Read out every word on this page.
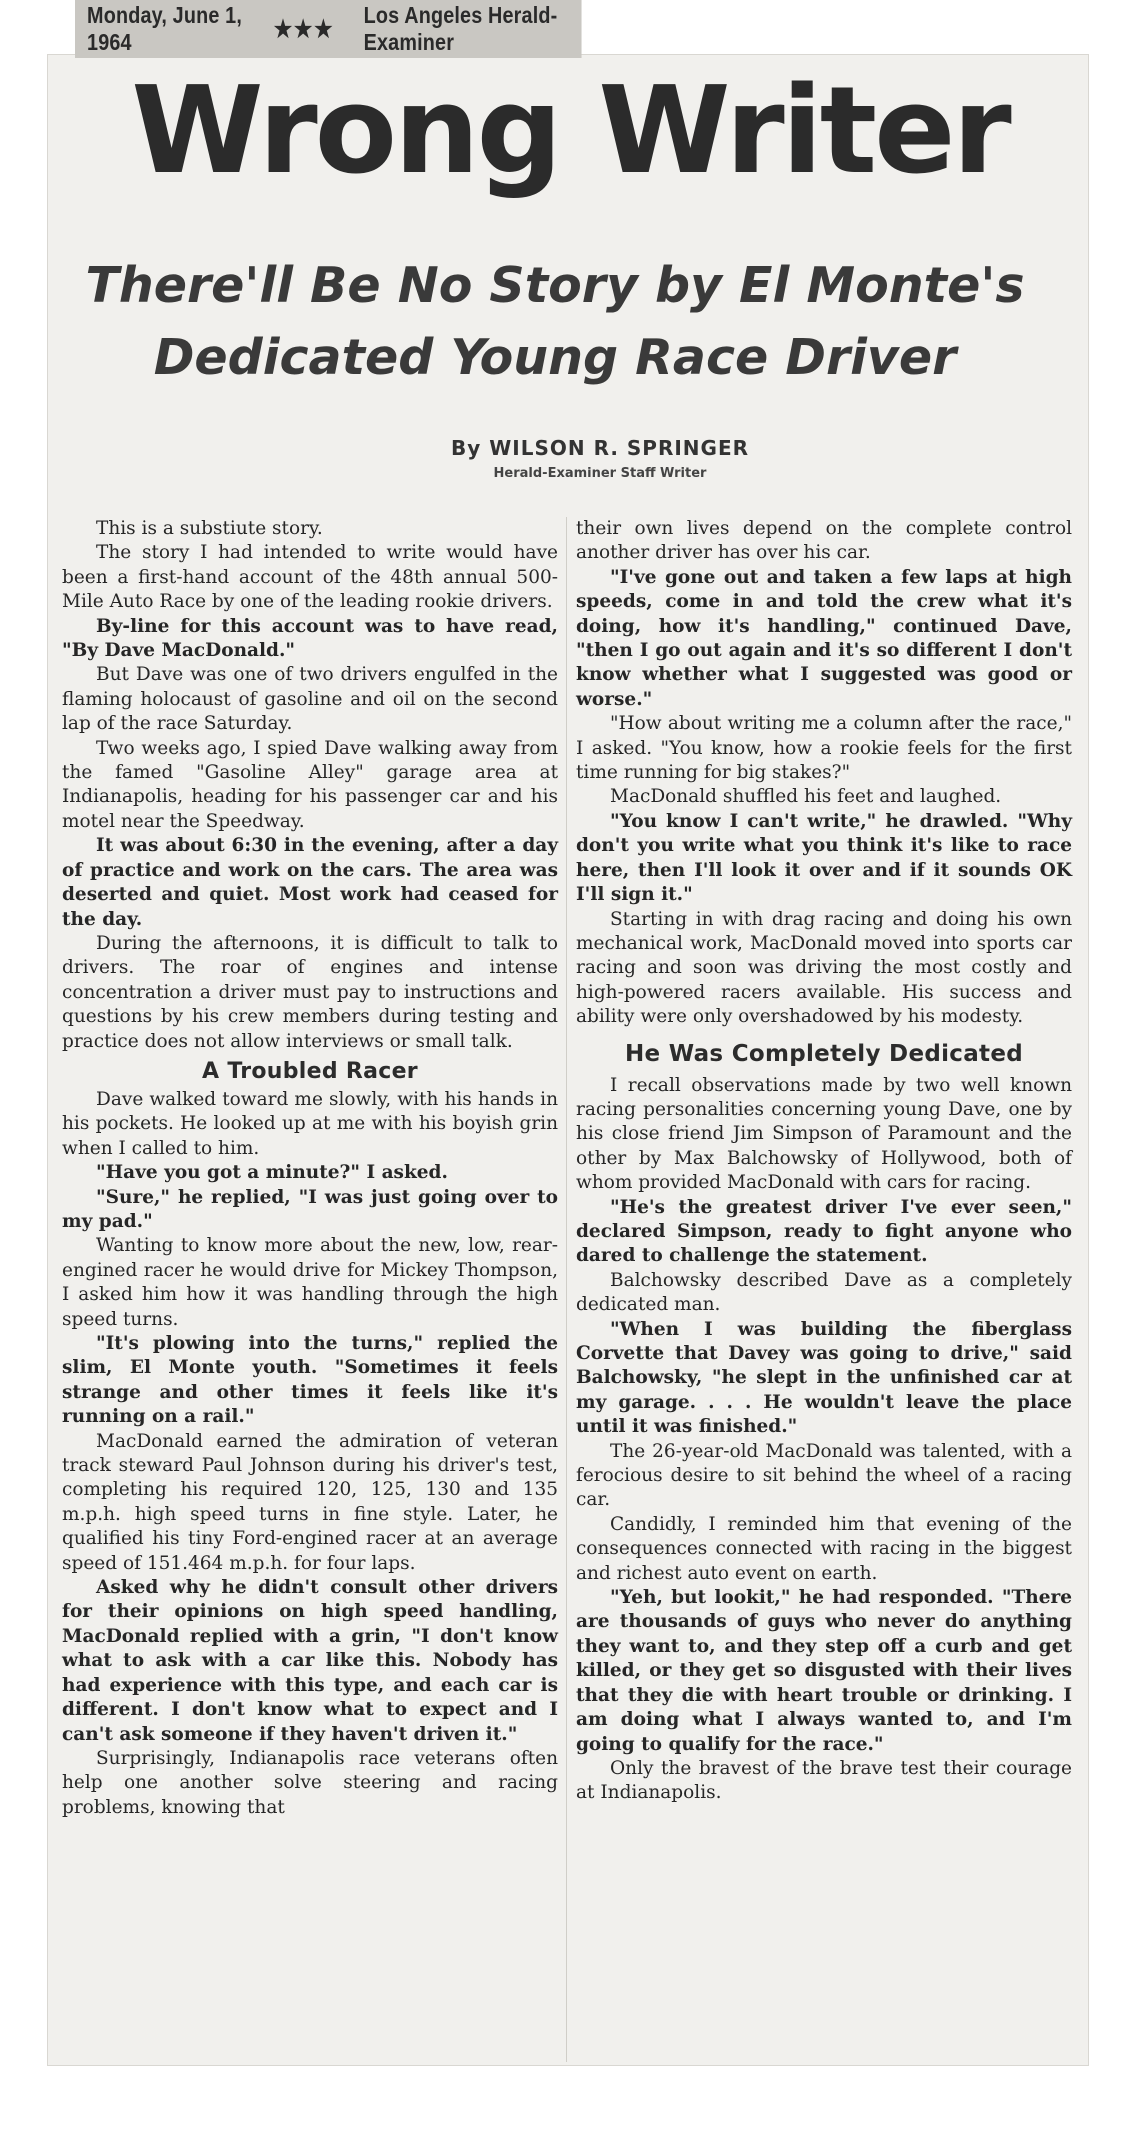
Monday, June 1, 1964	★★★
Los Angeles Herald-Examiner
Wrong Writer
There'll Be No Story by El Monte's
Dedicated Young Race Driver
By WILSON R. SPRINGER
Herald-Examiner Staff Writer

This is a substiute story.

The story I had intended to write would have been a first-hand account of the 48th annual 500-Mile Auto Race by one of the leading rookie drivers.

By-line for this account was to have read, "By Dave MacDonald."

But Dave was one of two drivers engulfed in the flaming holocaust of gasoline and oil on the second lap of the race Saturday.

Two weeks ago, I spied Dave walking away from the famed "Gasoline Alley" garage area at Indianapolis, heading for his passenger car and his motel near the Speedway.

It was about 6:30 in the evening, after a day of practice and work on the cars. The area was deserted and quiet. Most work had ceased for the day.

During the afternoons, it is difficult to talk to drivers. The roar of engines and intense concentration a driver must pay to instructions and questions by his crew members during testing and practice does not allow interviews or small talk.

A Troubled Racer

Dave walked toward me slowly, with his hands in his pockets. He looked up at me with his boyish grin when I called to him.

"Have you got a minute?" I asked.

"Sure," he replied, "I was just going over to my pad."

Wanting to know more about the new, low, rear-engined racer he would drive for Mickey Thompson, I asked him how it was handling through the high speed turns.

"It's plowing into the turns," replied the slim, El Monte youth. "Sometimes it feels strange and other times it feels like it's running on a rail."

MacDonald earned the admiration of veteran track steward Paul Johnson during his driver's test, completing his required 120, 125, 130 and 135 m.p.h. high speed turns in fine style. Later, he qualified his tiny Ford-engined racer at an average speed of 151.464 m.p.h. for four laps.

Asked why he didn't consult other drivers for their opinions on high speed handling, MacDonald replied with a grin, "I don't know what to ask with a car like this. Nobody has had experience with this type, and each car is different. I don't know what to expect and I can't ask someone if they haven't driven it."

Surprisingly, Indianapolis race veterans often help one another solve steering and racing problems, knowing that

their own lives depend on the complete control another driver has over his car.

"I've gone out and taken a few laps at high speeds, come in and told the crew what it's doing, how it's handling," continued Dave, "then I go out again and it's so different I don't know whether what I suggested was good or worse."

"How about writing me a column after the race," I asked. "You know, how a rookie feels for the first time running for big stakes?"

MacDonald shuffled his feet and laughed.

"You know I can't write," he drawled. "Why don't you write what you think it's like to race here, then I'll look it over and if it sounds OK I'll sign it."

Starting in with drag racing and doing his own mechanical work, MacDonald moved into sports car racing and soon was driving the most costly and high-powered racers available. His success and ability were only overshadowed by his modesty.

He Was Completely Dedicated

I recall observations made by two well known racing personalities concerning young Dave, one by his close friend Jim Simpson of Paramount and the other by Max Balchowsky of Hollywood, both of whom provided MacDonald with cars for racing.

"He's the greatest driver I've ever seen," declared Simpson, ready to fight anyone who dared to challenge the statement.

Balchowsky described Dave as a completely dedicated man.

"When I was building the fiberglass Corvette that Davey was going to drive," said Balchowsky, "he slept in the unfinished car at my garage. . . . He wouldn't leave the place until it was finished."

The 26-year-old MacDonald was talented, with a ferocious desire to sit behind the wheel of a racing car.

Candidly, I reminded him that evening of the consequences connected with racing in the biggest and richest auto event on earth.

"Yeh, but lookit," he had responded. "There are thousands of guys who never do anything they want to, and they step off a curb and get killed, or they get so disgusted with their lives that they die with heart trouble or drinking. I am doing what I always wanted to, and I'm going to qualify for the race."

Only the bravest of the brave test their courage at Indianapolis.
